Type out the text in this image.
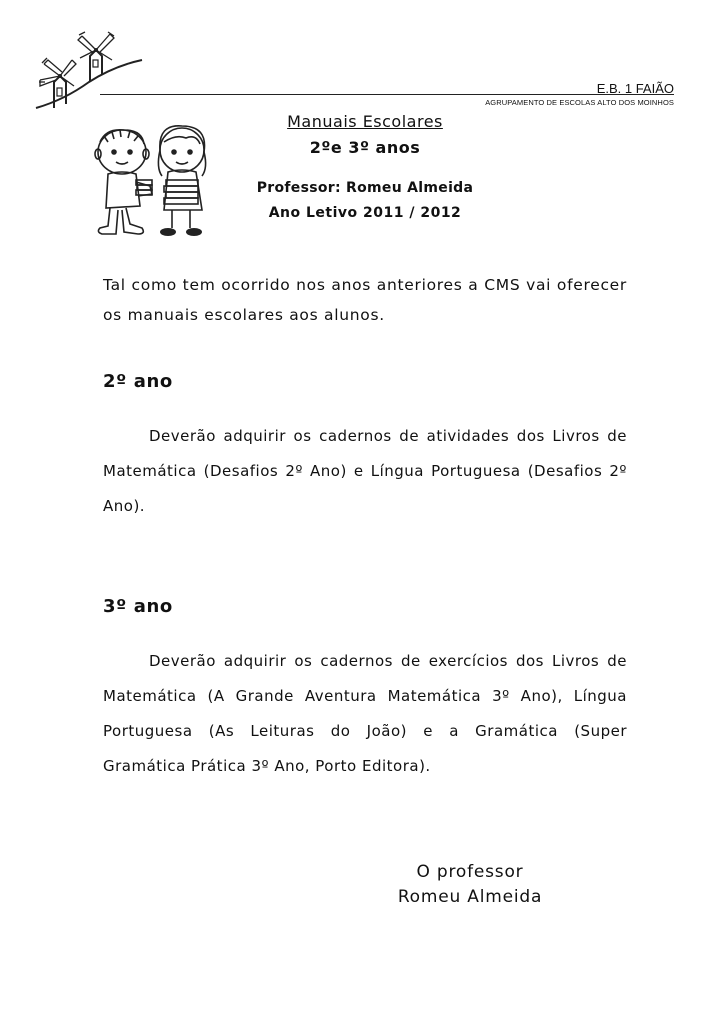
E.B. 1 FAIÃO
AGRUPAMENTO DE ESCOLAS ALTO DOS MOINHOS
Manuais Escolares
2ºe 3º anos
Professor: Romeu Almeida
Ano Letivo 2011 / 2012
Tal como tem ocorrido nos anos anteriores a CMS vai oferecer os manuais escolares aos alunos.
2º ano
Deverão adquirir os cadernos de atividades dos Livros de Matemática (Desafios 2º Ano) e Língua Portuguesa (Desafios 2º Ano).
3º ano
Deverão adquirir os cadernos de exercícios dos Livros de Matemática (A Grande Aventura Matemática 3º Ano), Língua Portuguesa (As Leituras do João) e a Gramática (Super Gramática Prática 3º Ano, Porto Editora).
O professor
Romeu Almeida
